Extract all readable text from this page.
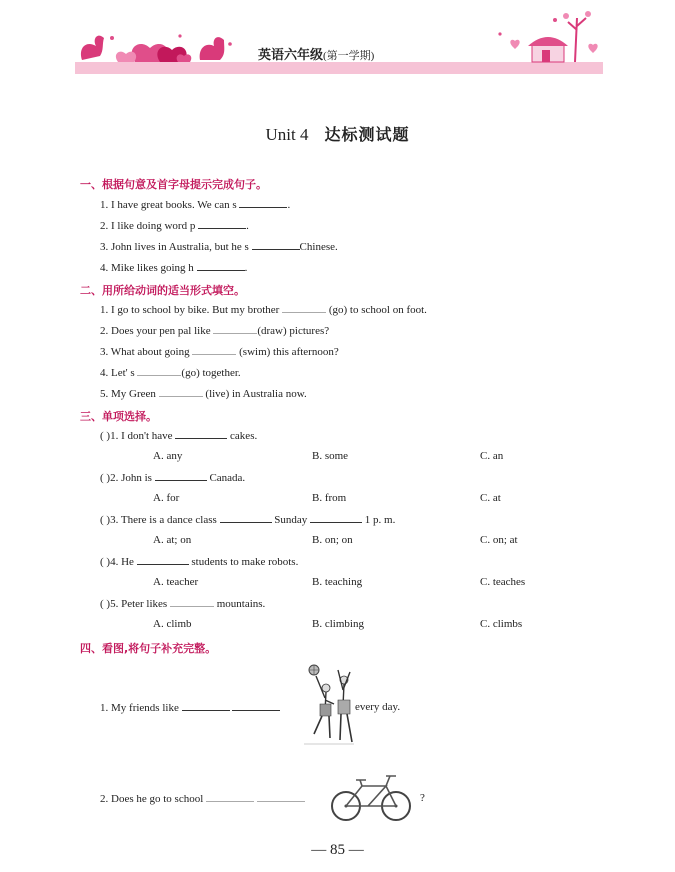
英语六年级(第一学期)
Unit 4 达标测试题
一、根据句意及首字母提示完成句子。
1. I have great books. We can s	.
2. I like doing word p	.
3. John lives in Australia, but he s	Chinese.
4. Mike likes going h	.
二、用所给动词的适当形式填空。
1. I go to school by bike. But my brother	(go) to school on foot.
2. Does your pen pal like	(draw) pictures?
3. What about going	(swim) this afternoon?
4. Let' s	(go) together.
5. My Green	(live) in Australia now.
三、单项选择。
( )1. I don't have	cakes.
A. any	B. some	C. an
( )2. John is	Canada.
A. for	B. from	C. at
( )3. There is a dance class	Sunday	1 p. m.
A. at; on	B. on; on	C. on; at
( )4. He	students to make robots.
A. teacher	B. teaching	C. teaches
( )5. Peter likes	mountains.
A. climb	B. climbing	C. climbs
四、看图,将句子补充完整。
1. My friends like	every day.
2. Does he go to school	?
— 85 —
